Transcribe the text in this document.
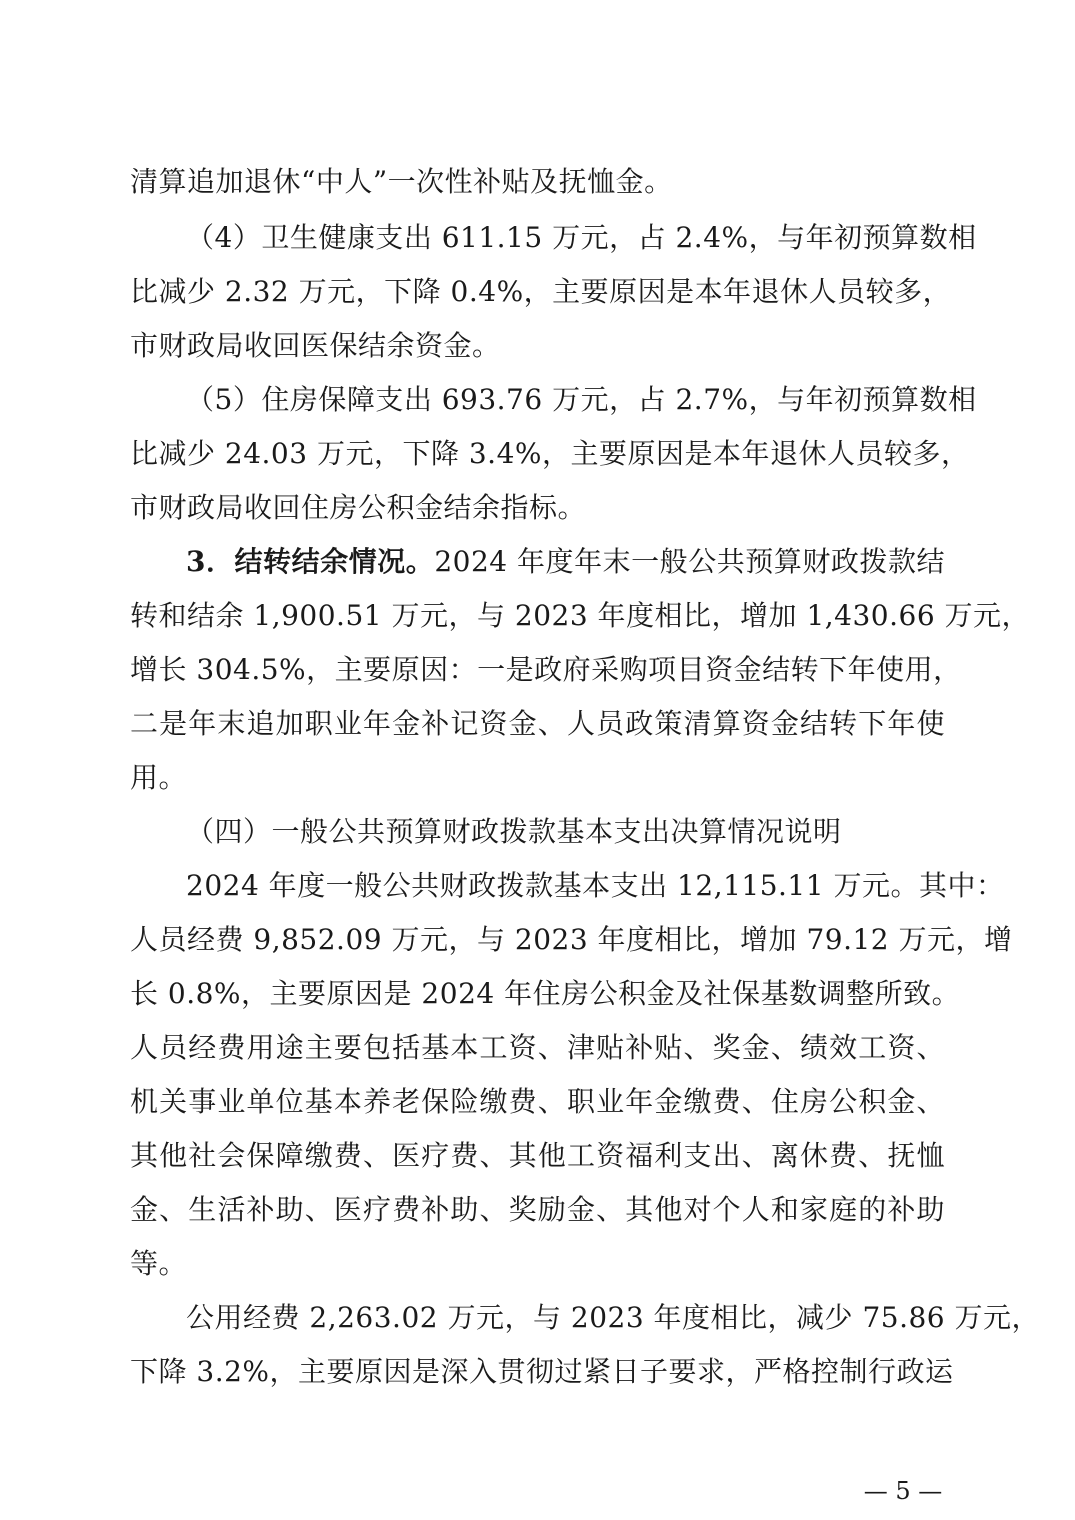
清算追加退休“中人”一次性补贴及抚恤金。
（4）卫生健康支出 611.15 万元，占 2.4%，与年初预算数相
比减少 2.32 万元，下降 0.4%，主要原因是本年退休人员较多，
市财政局收回医保结余资金。
（5）住房保障支出 693.76 万元，占 2.7%，与年初预算数相
比减少 24.03 万元，下降 3.4%，主要原因是本年退休人员较多，
市财政局收回住房公积金结余指标。
3．结转结余情况。2024 年度年末一般公共预算财政拨款结
转和结余 1,900.51 万元，与 2023 年度相比，增加 1,430.66 万元，
增长 304.5%，主要原因：一是政府采购项目资金结转下年使用，
二是年末追加职业年金补记资金、人员政策清算资金结转下年使
用。
（四）一般公共预算财政拨款基本支出决算情况说明
2024 年度一般公共财政拨款基本支出 12,115.11 万元。其中：
人员经费 9,852.09 万元，与 2023 年度相比，增加 79.12 万元，增
长 0.8%，主要原因是 2024 年住房公积金及社保基数调整所致。
人员经费用途主要包括基本工资、津贴补贴、奖金、绩效工资、
机关事业单位基本养老保险缴费、职业年金缴费、住房公积金、
其他社会保障缴费、医疗费、其他工资福利支出、离休费、抚恤
金、生活补助、医疗费补助、奖励金、其他对个人和家庭的补助
等。
公用经费 2,263.02 万元，与 2023 年度相比，减少 75.86 万元，
下降 3.2%，主要原因是深入贯彻过紧日子要求，严格控制行政运
— 5 —
